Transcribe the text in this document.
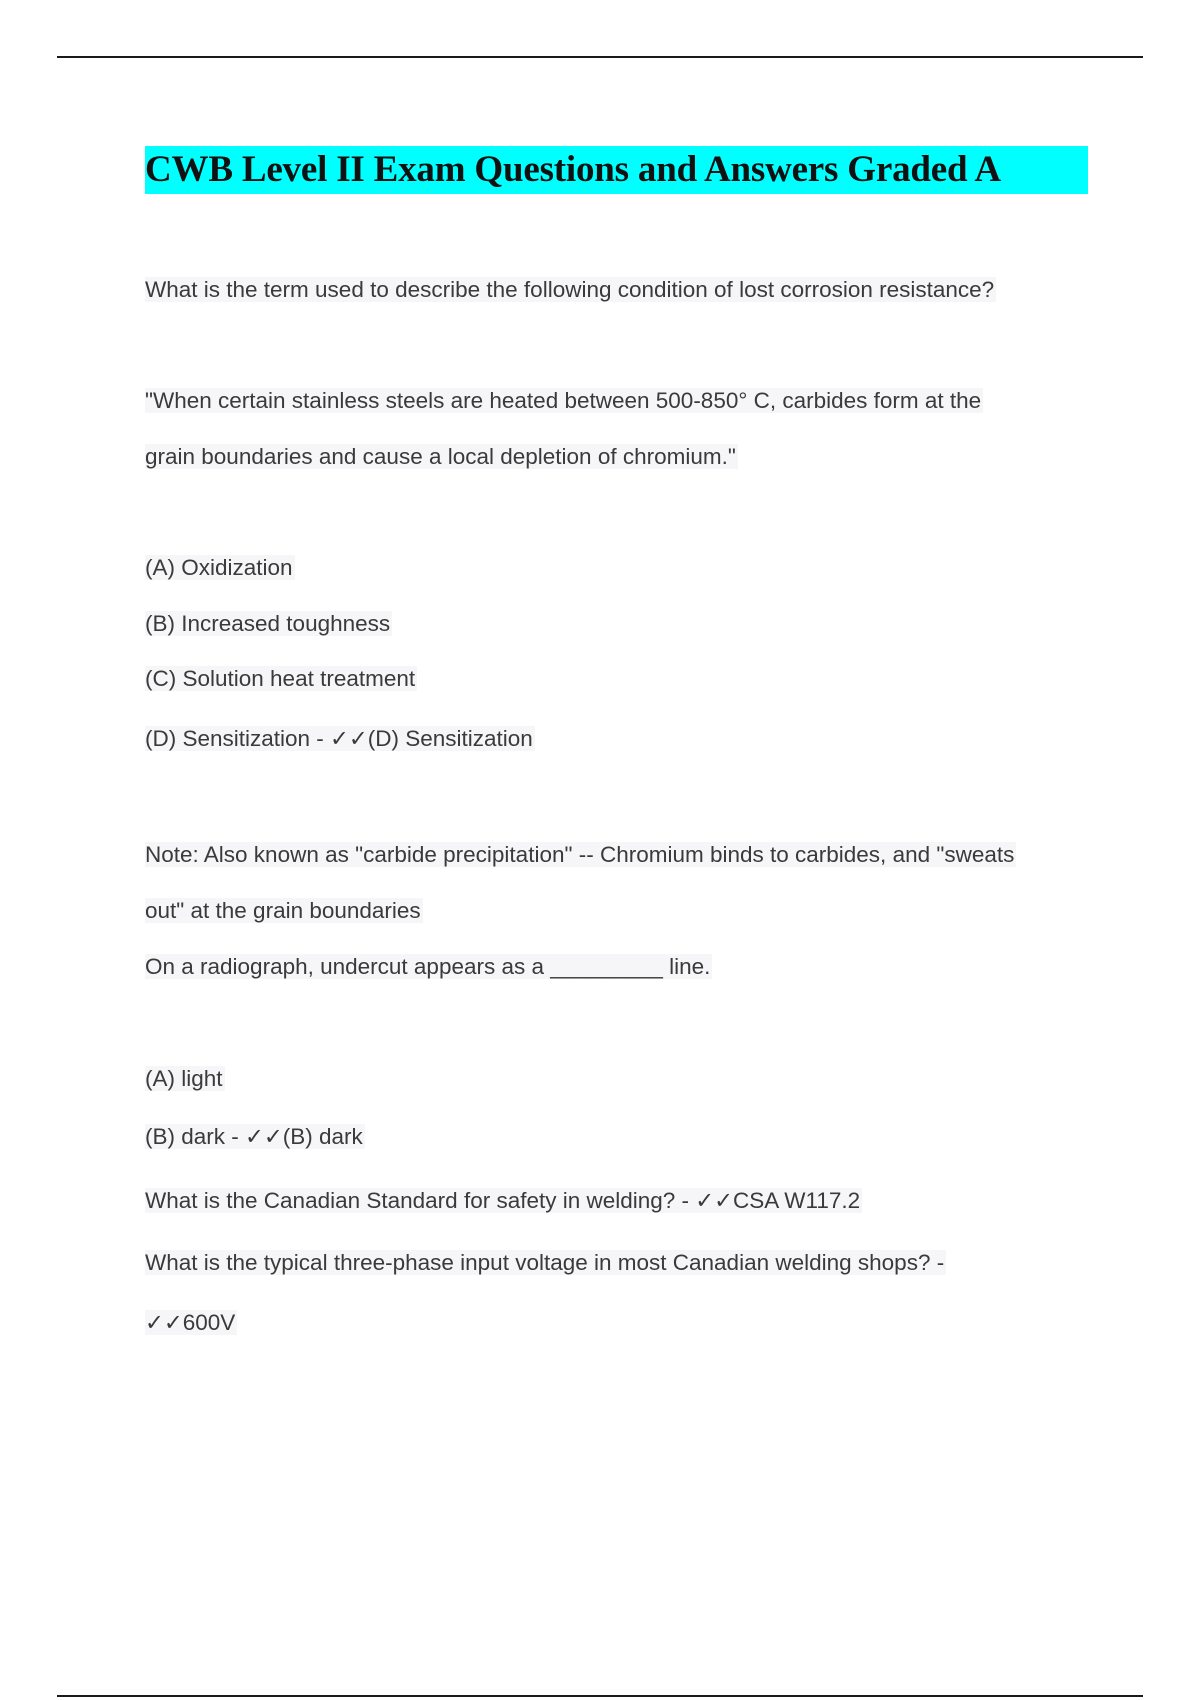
CWB Level II Exam Questions and Answers Graded A
What is the term used to describe the following condition of lost corrosion resistance?
"When certain stainless steels are heated between 500-850° C, carbides form at the
grain boundaries and cause a local depletion of chromium."
(A) Oxidization
(B) Increased toughness
(C) Solution heat treatment
(D) Sensitization - ✓✓(D) Sensitization
Note: Also known as "carbide precipitation" -- Chromium binds to carbides, and "sweats
out" at the grain boundaries
On a radiograph, undercut appears as a _________ line.
(A) light
(B) dark - ✓✓(B) dark
What is the Canadian Standard for safety in welding? - ✓✓CSA W117.2
What is the typical three-phase input voltage in most Canadian welding shops? -
✓✓600V
